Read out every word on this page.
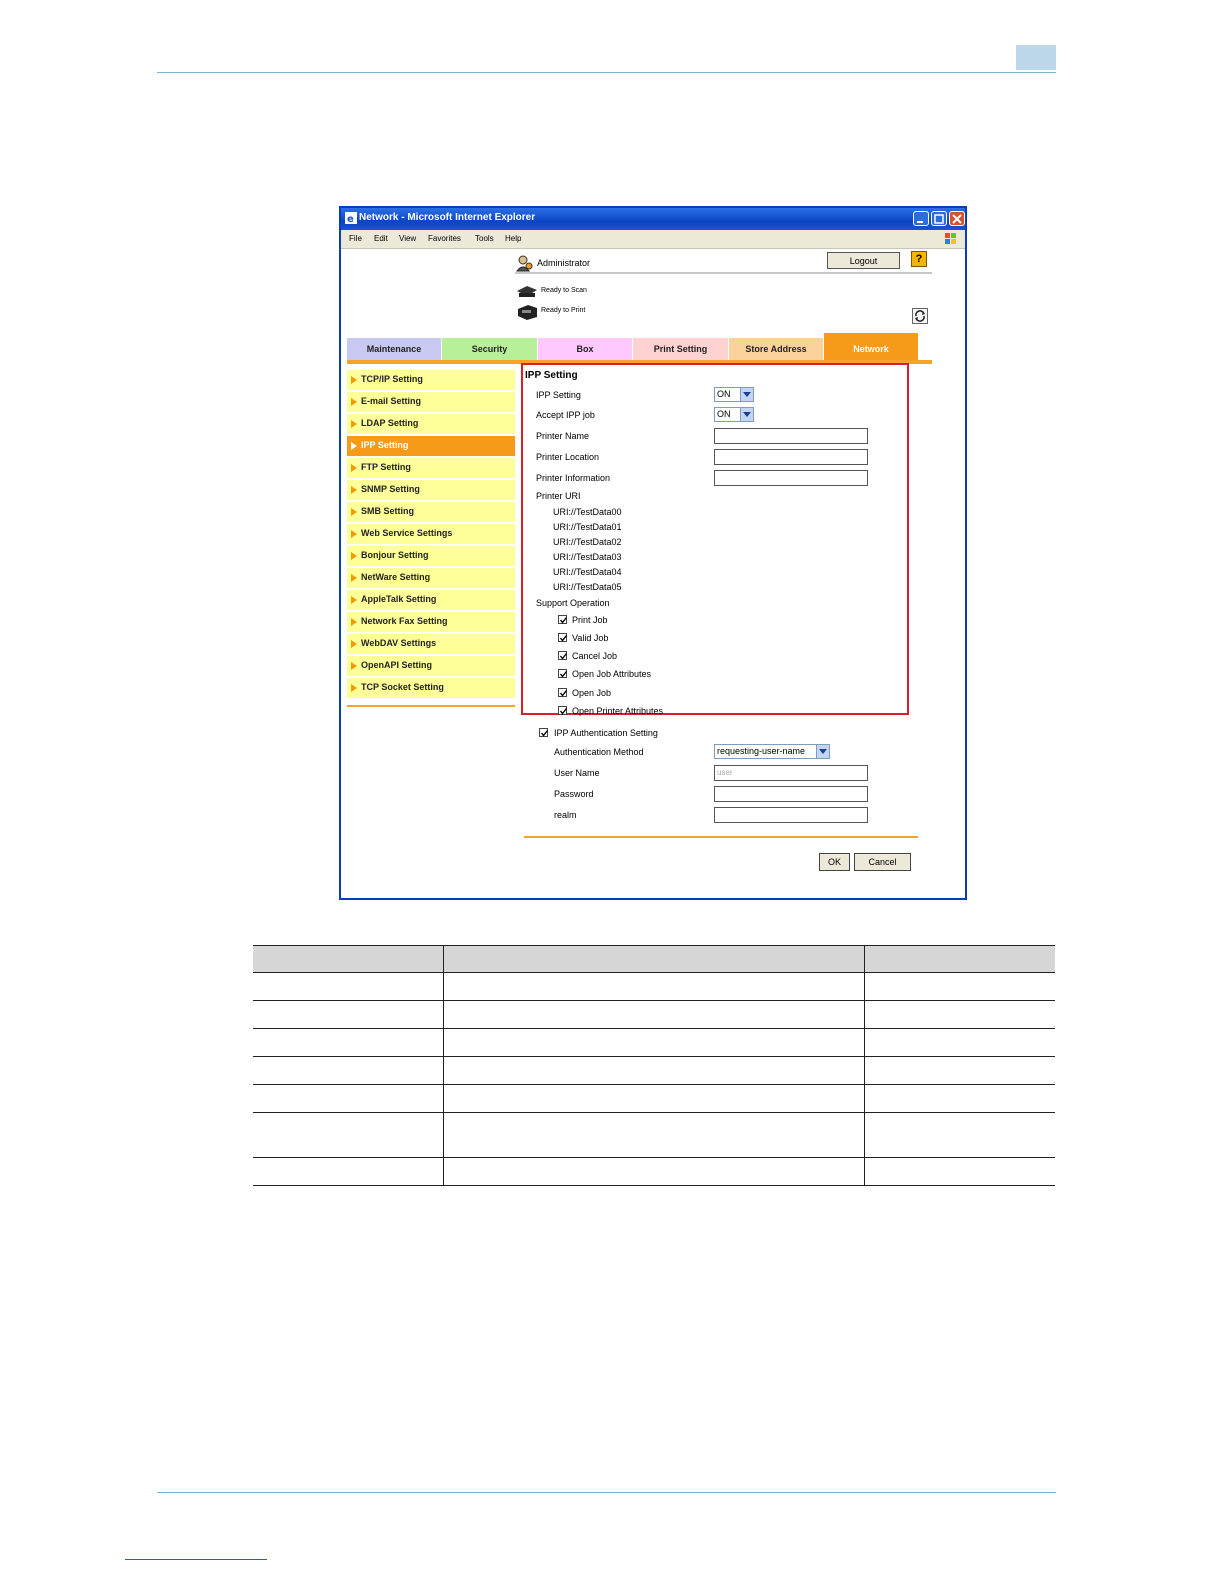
e Network - Microsoft Internet Explorer
File Edit View Favorites Tools Help
Administrator	Logout	?
Ready to Scan
Ready to Print
Maintenance	Security	Box	Print Setting	Store Address	Network
TCP/IP Setting
E-mail Setting
LDAP Setting
IPP Setting
FTP Setting
SNMP Setting
SMB Setting
Web Service Settings
Bonjour Setting
NetWare Setting
AppleTalk Setting
Network Fax Setting
WebDAV Settings
OpenAPI Setting
TCP Socket Setting
IPP Setting
IPP Setting	ON
Accept IPP job	ON
Printer Name
Printer Location
Printer Information
Printer URI
URI://TestData00
URI://TestData01
URI://TestData02
URI://TestData03
URI://TestData04
URI://TestData05
Support Operation
Print Job
Valid Job
Cancel Job
Open Job Attributes
Open Job
Open Printer Attributes
IPP Authentication Setting
Authentication Method	requesting-user-name
User Name	user
Password
realm
OK	Cancel
